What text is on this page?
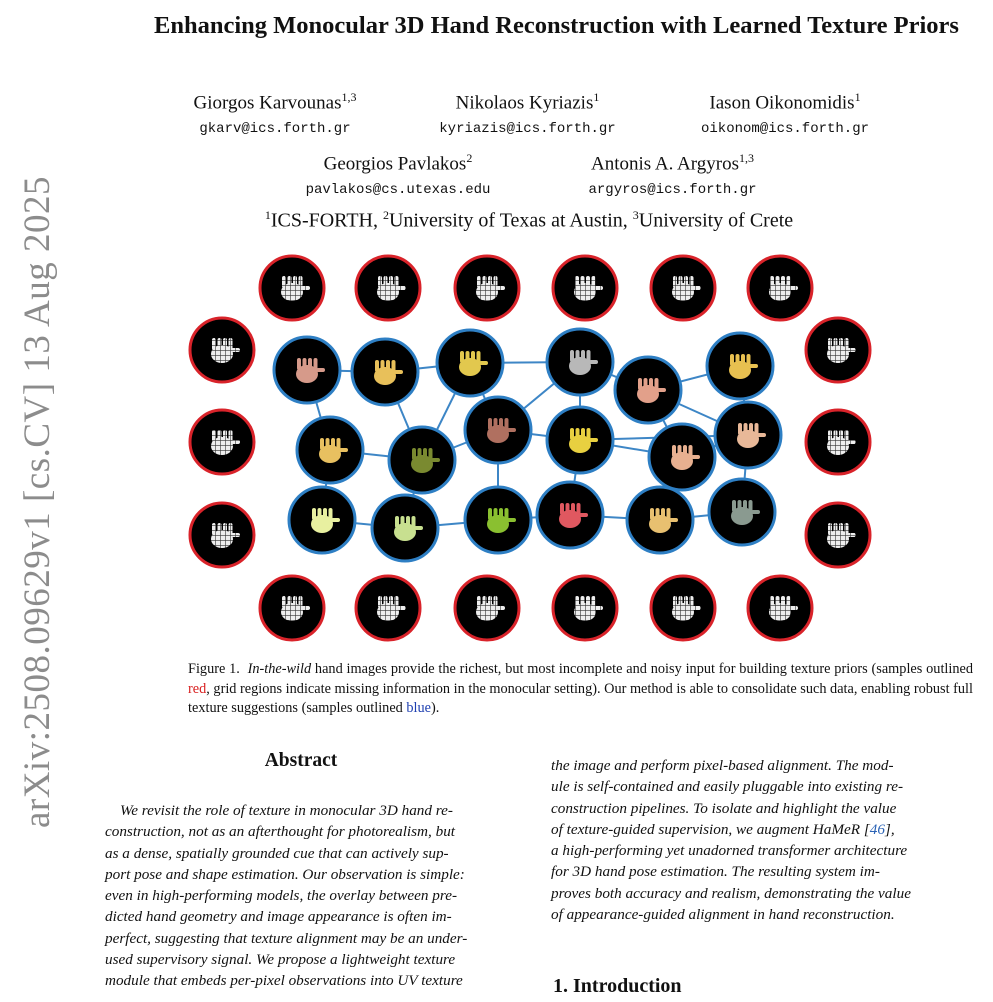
arXiv:2508.09629v1 [cs.CV] 13 Aug 2025
Enhancing Monocular 3D Hand Reconstruction with Learned Texture Priors
Giorgos Karvounas$^{1,3}$
gkarv@ics.forth.gr
Nikolaos Kyriazis$^1$
kyriazis@ics.forth.gr
Iason Oikonomidis$^1$
oikonom@ics.forth.gr
Georgios Pavlakos$^2$
pavlakos@cs.utexas.edu
Antonis A. Argyros$^{1,3}$
argyros@ics.forth.gr
$^1$ICS-FORTH, $^2$University of Texas at Austin, $^3$University of Crete
Figure 1. In-the-wild hand images provide the richest, but most incomplete and noisy input for building texture priors (samples outlined red, grid regions indicate missing information in the monocular setting). Our method is able to consolidate such data, enabling robust full texture suggestions (samples outlined blue).
Abstract
We revisit the role of texture in monocular 3D hand re-
construction, not as an afterthought for photorealism, but
as a dense, spatially grounded cue that can actively sup-
port pose and shape estimation. Our observation is simple:
even in high-performing models, the overlay between pre-
dicted hand geometry and image appearance is often im-
perfect, suggesting that texture alignment may be an under-
used supervisory signal. We propose a lightweight texture
module that embeds per-pixel observations into UV texture
the image and perform pixel-based alignment. The mod-
ule is self-contained and easily pluggable into existing re-
construction pipelines. To isolate and highlight the value
of texture-guided supervision, we augment HaMeR [46],
a high-performing yet unadorned transformer architecture
for 3D hand pose estimation. The resulting system im-
proves both accuracy and realism, demonstrating the value
of appearance-guided alignment in hand reconstruction.
1. Introduction
